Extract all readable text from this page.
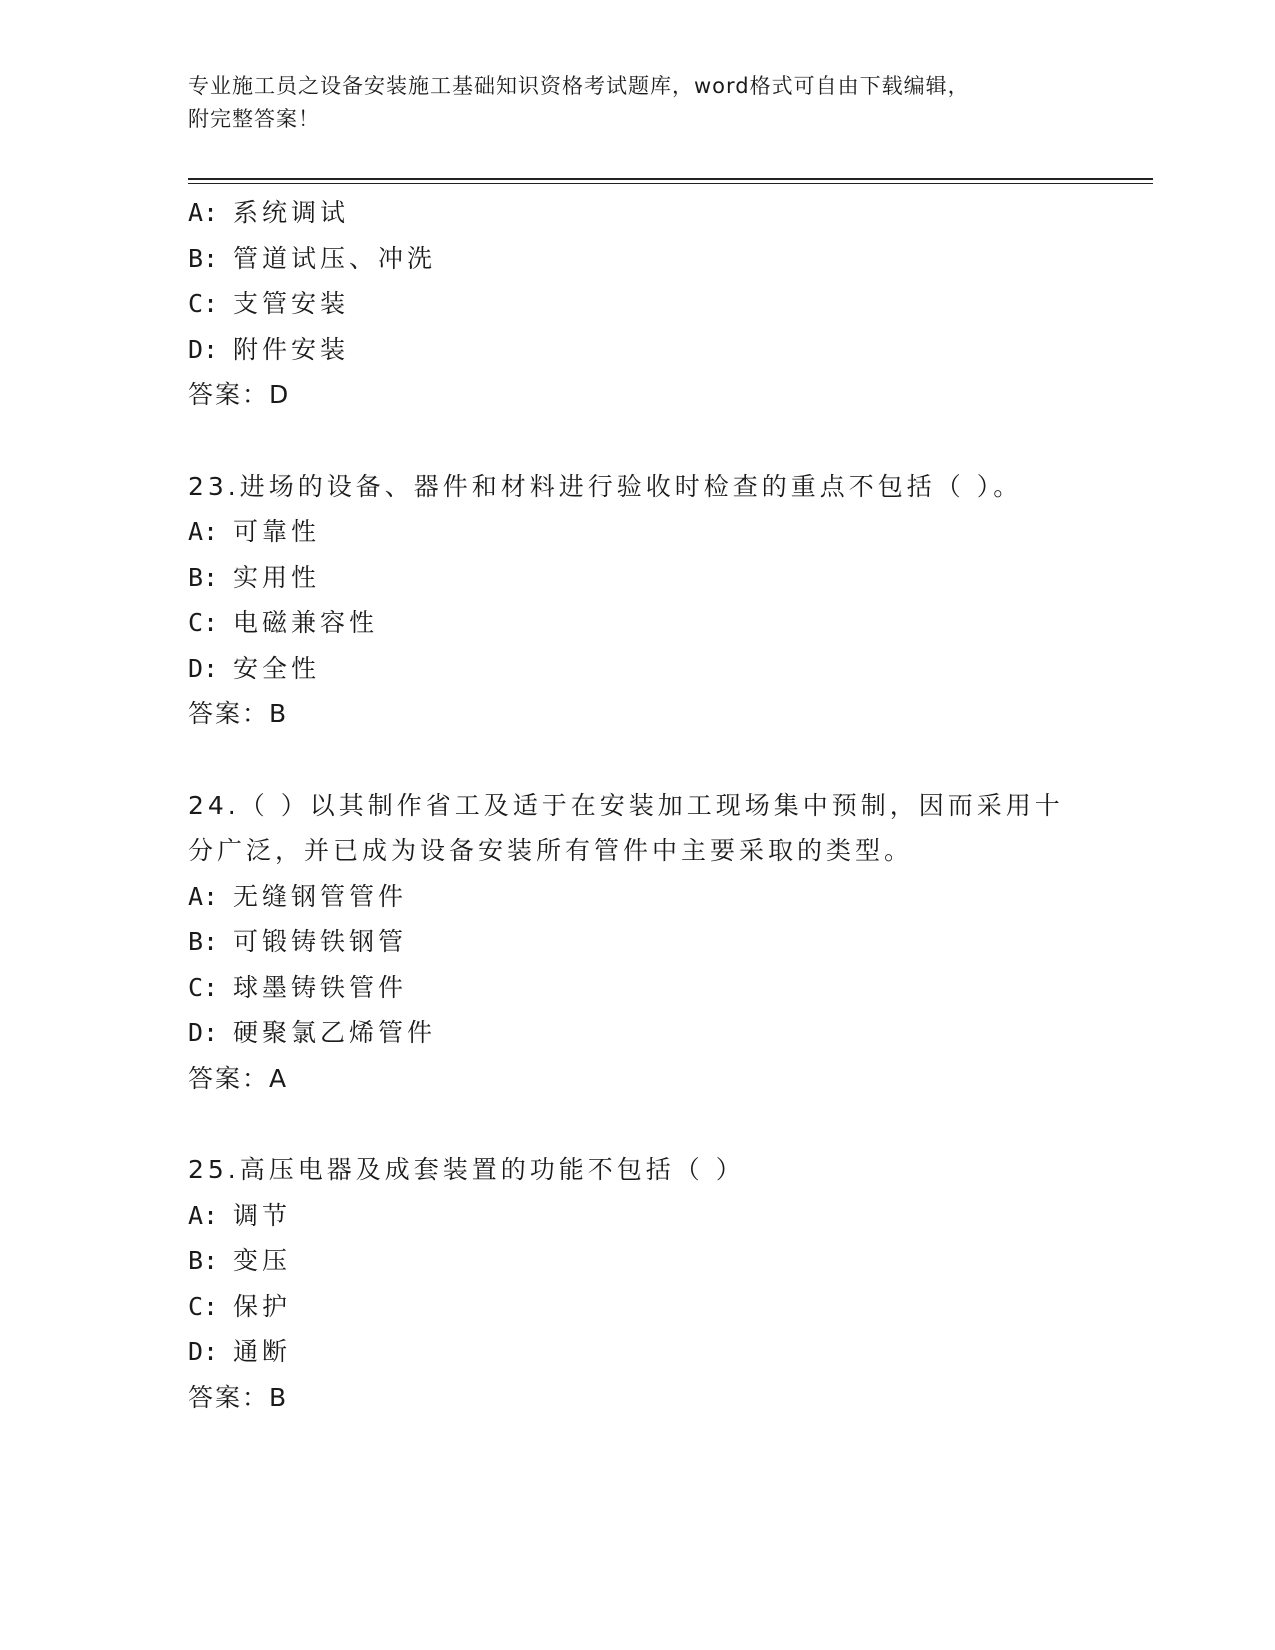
专业施工员之设备安装施工基础知识资格考试题库，word格式可自由下载编辑，
附完整答案！
A: 系统调试
B: 管道试压、冲洗
C: 支管安装
D: 附件安装
答案：D
23.进场的设备、器件和材料进行验收时检查的重点不包括（ ）。
A: 可靠性
B: 实用性
C: 电磁兼容性
D: 安全性
答案：B
24.（ ）以其制作省工及适于在安装加工现场集中预制，因而采用十
分广泛，并已成为设备安装所有管件中主要采取的类型。
A: 无缝钢管管件
B: 可锻铸铁钢管
C: 球墨铸铁管件
D: 硬聚氯乙烯管件
答案：A
25.高压电器及成套装置的功能不包括（ ）
A: 调节
B: 变压
C: 保护
D: 通断
答案：B
